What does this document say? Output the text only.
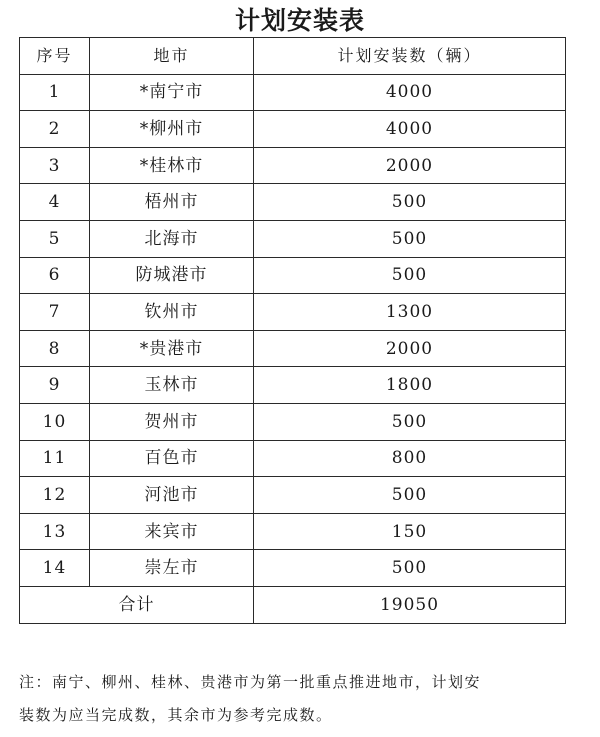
计划安装表
序号	地市	计划安装数（辆）
1	*南宁市	4000
2	*柳州市	4000
3	*桂林市	2000
4	梧州市	500
5	北海市	500
6	防城港市	500
7	钦州市	1300
8	*贵港市	2000
9	玉林市	1800
10	贺州市	500
11	百色市	800
12	河池市	500
13	来宾市	150
14	崇左市	500
合计		19050
注：南宁、柳州、桂林、贵港市为第一批重点推进地市，计划安
装数为应当完成数，其余市为参考完成数。
